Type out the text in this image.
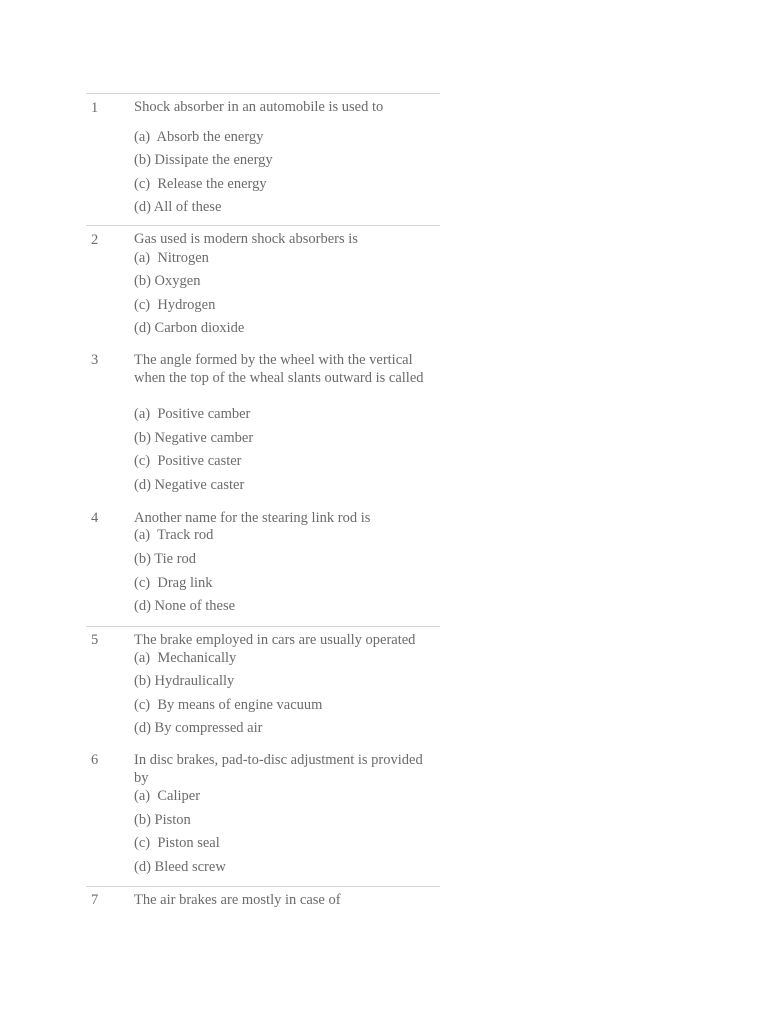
1 Shock absorber in an automobile is used to
(a)  Absorb the energy
(b) Dissipate the energy
(c)  Release the energy
(d) All of these
2 Gas used is modern shock absorbers is
(a)  Nitrogen
(b) Oxygen
(c)  Hydrogen
(d) Carbon dioxide
3 The angle formed by the wheel with the vertical when the top of the wheal slants outward is called
(a)  Positive camber
(b) Negative camber
(c)  Positive caster
(d) Negative caster
4 Another name for the stearing link rod is
(a)  Track rod
(b) Tie rod
(c)  Drag link
(d) None of these
5 The brake employed in cars are usually operated
(a)  Mechanically
(b) Hydraulically
(c)  By means of engine vacuum
(d) By compressed air
6 In disc brakes, pad-to-disc adjustment is provided by
(a)  Caliper
(b) Piston
(c)  Piston seal
(d) Bleed screw
7 The air brakes are mostly in case of
